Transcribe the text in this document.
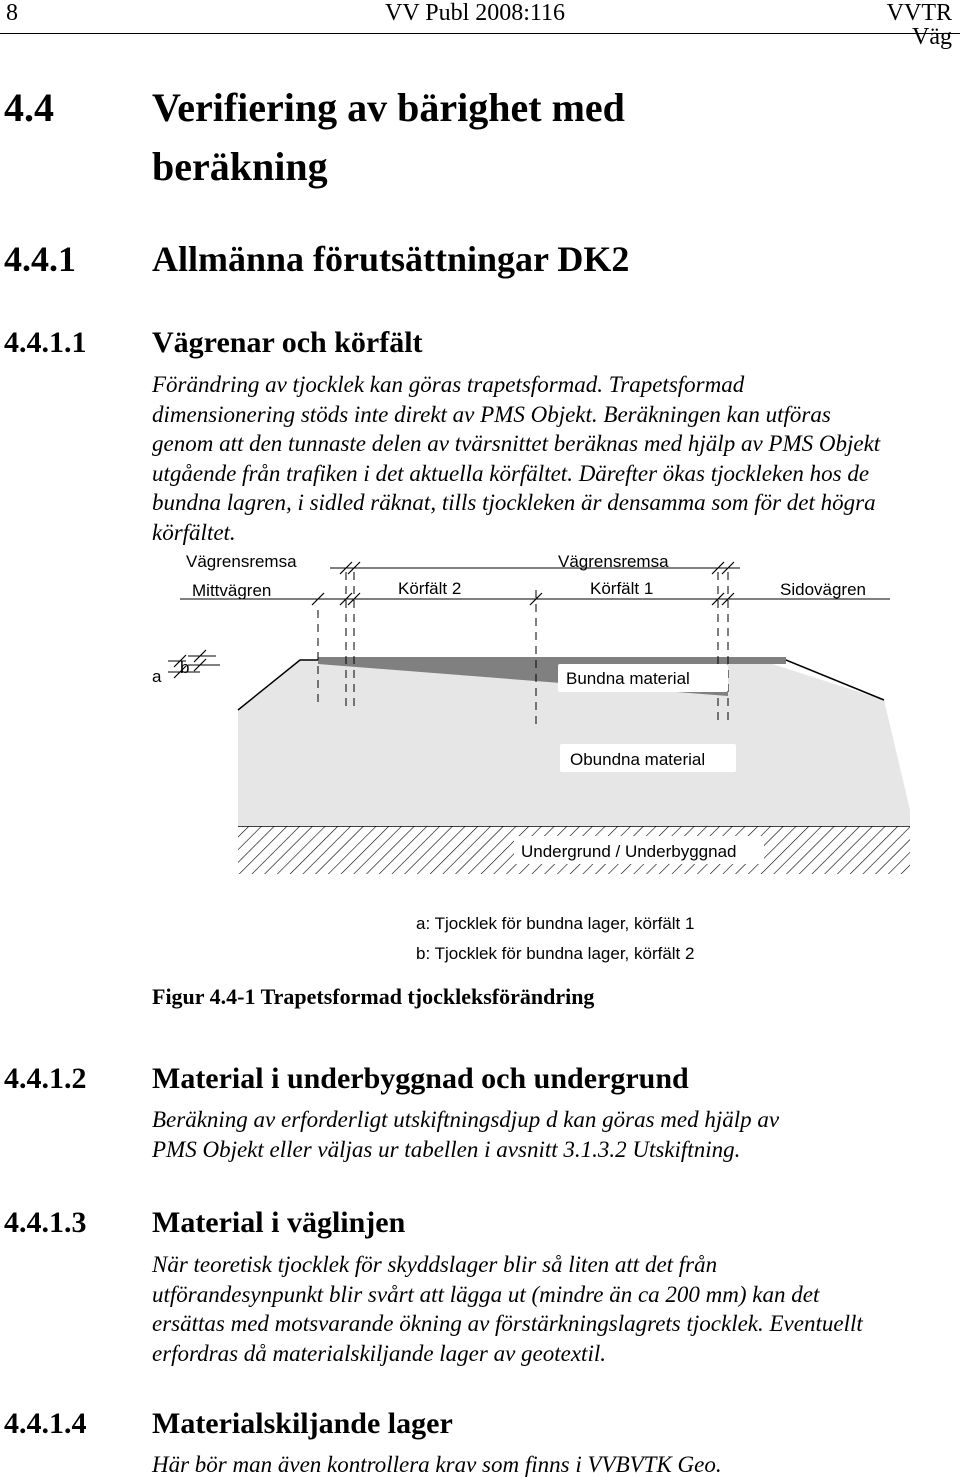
8	VV Publ 2008:116	VVTR
Väg
4.4 Verifiering av bärighet med
beräkning
4.4.1 Allmänna förutsättningar DK2
4.4.1.1 Vägrenar och körfält
Förändring av tjocklek kan göras trapetsformad. Trapetsformad
dimensionering stöds inte direkt av PMS Objekt. Beräkningen kan utföras
genom att den tunnaste delen av tvärsnittet beräknas med hjälp av PMS Objekt
utgående från trafiken i det aktuella körfältet. Därefter ökas tjockleken hos de
bundna lagren, i sidled räknat, tills tjockleken är densamma som för det högra
körfältet.
Vägrensremsa	Vägrensremsa
Mittvägren	Körfält 2	Körfält 1	Sidovägren
a b
Bundna material
Obundna material
Undergrund / Underbyggnad
a: Tjocklek för bundna lager, körfält 1
b: Tjocklek för bundna lager, körfält 2
Figur 4.4-1 Trapetsformad tjockleksförändring
4.4.1.2 Material i underbyggnad och undergrund
Beräkning av erforderligt utskiftningsdjup d kan göras med hjälp av
PMS Objekt eller väljas ur tabellen i avsnitt 3.1.3.2 Utskiftning.
4.4.1.3 Material i väglinjen
När teoretisk tjocklek för skyddslager blir så liten att det från
utförandesynpunkt blir svårt att lägga ut (mindre än ca 200 mm) kan det
ersättas med motsvarande ökning av förstärkningslagrets tjocklek. Eventuellt
erfordras då materialskiljande lager av geotextil.
4.4.1.4 Materialskiljande lager
Här bör man även kontrollera krav som finns i VVBVTK Geo.
